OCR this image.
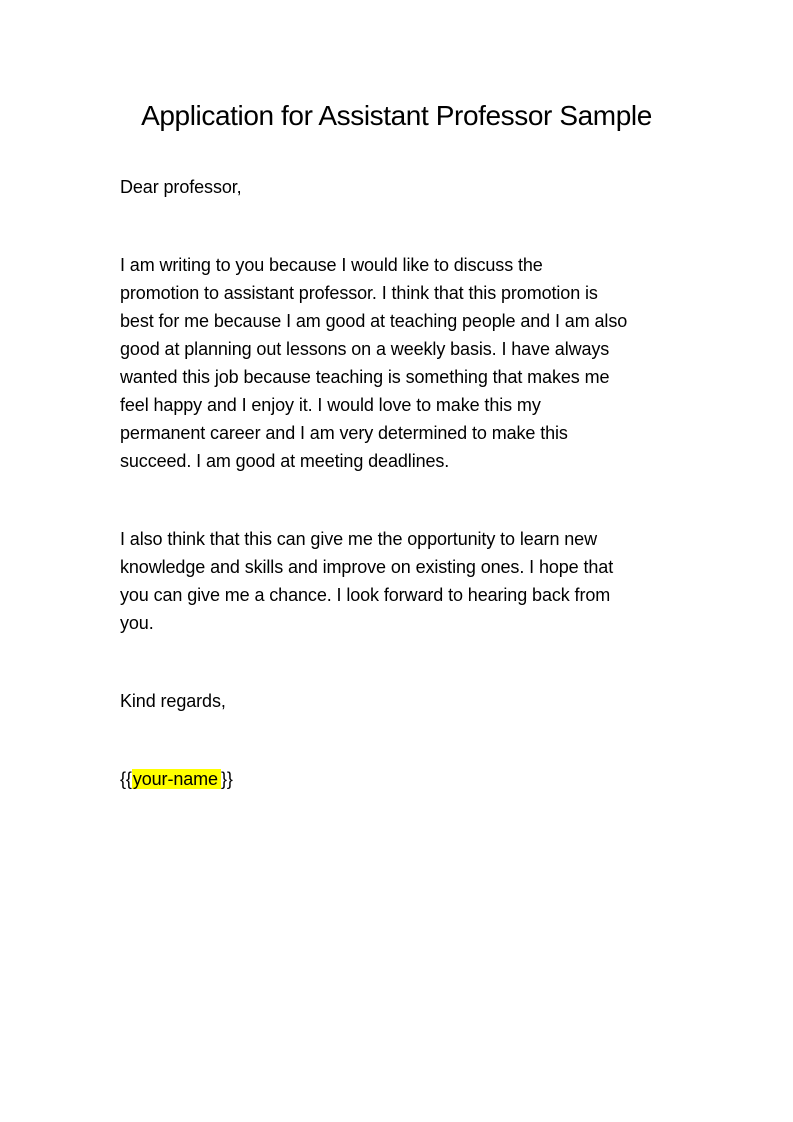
Application for Assistant Professor Sample

Dear professor,

I am writing to you because I would like to discuss the
promotion to assistant professor. I think that this promotion is
best for me because I am good at teaching people and I am also
good at planning out lessons on a weekly basis. I have always
wanted this job because teaching is something that makes me
feel happy and I enjoy it. I would love to make this my
permanent career and I am very determined to make this
succeed. I am good at meeting deadlines.

I also think that this can give me the opportunity to learn new
knowledge and skills and improve on existing ones. I hope that
you can give me a chance. I look forward to hearing back from
you.

Kind regards,

{{your-name }}
